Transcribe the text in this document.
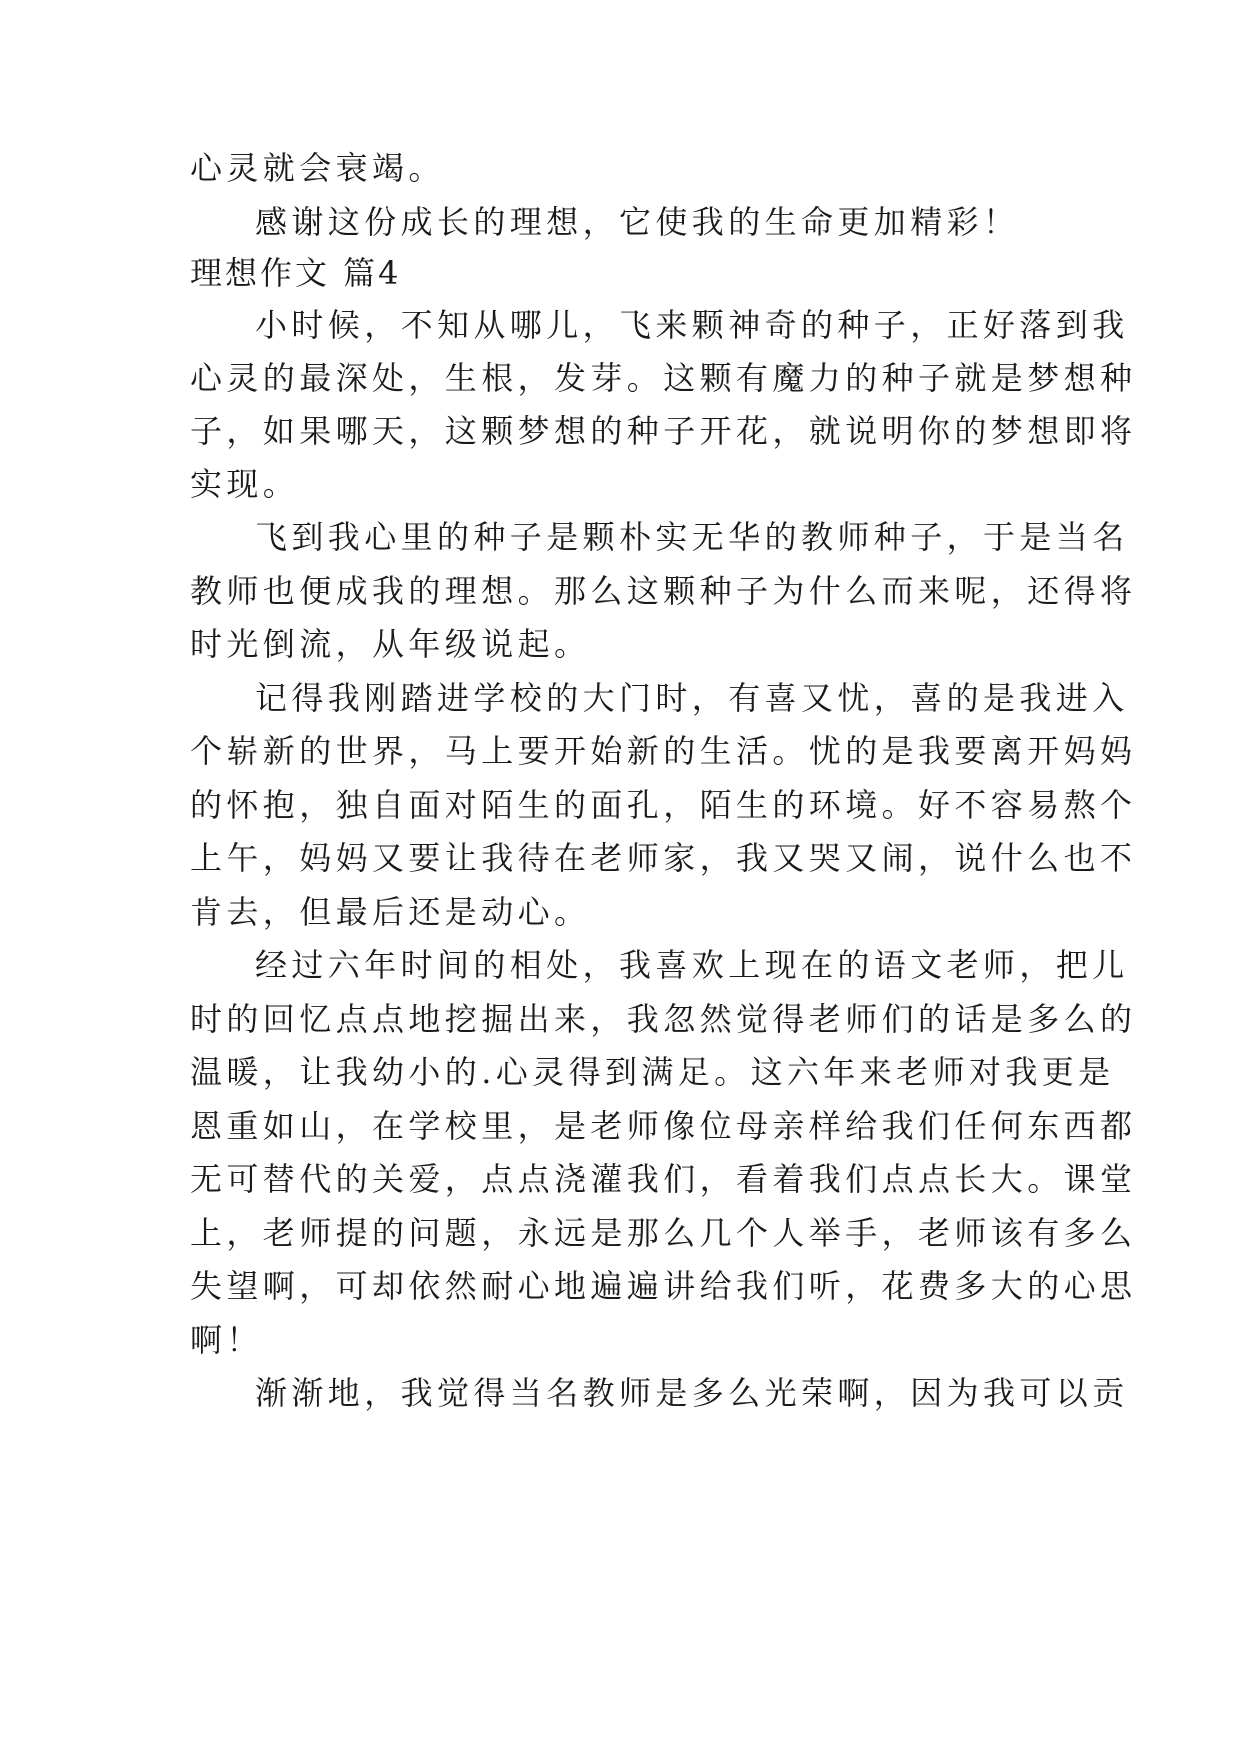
心灵就会衰竭。
感谢这份成长的理想，它使我的生命更加精彩！
理想作文 篇4
小时候，不知从哪儿，飞来颗神奇的种子，正好落到我
心灵的最深处，生根，发芽。这颗有魔力的种子就是梦想种
子，如果哪天，这颗梦想的种子开花，就说明你的梦想即将
实现。
飞到我心里的种子是颗朴实无华的教师种子，于是当名
教师也便成我的理想。那么这颗种子为什么而来呢，还得将
时光倒流，从年级说起。
记得我刚踏进学校的大门时，有喜又忧，喜的是我进入
个崭新的世界，马上要开始新的生活。忧的是我要离开妈妈
的怀抱，独自面对陌生的面孔，陌生的环境。好不容易熬个
上午，妈妈又要让我待在老师家，我又哭又闹，说什么也不
肯去，但最后还是动心。
经过六年时间的相处，我喜欢上现在的语文老师，把儿
时的回忆点点地挖掘出来，我忽然觉得老师们的话是多么的
温暖，让我幼小的.心灵得到满足。这六年来老师对我更是
恩重如山，在学校里，是老师像位母亲样给我们任何东西都
无可替代的关爱，点点浇灌我们，看着我们点点长大。课堂
上，老师提的问题，永远是那么几个人举手，老师该有多么
失望啊，可却依然耐心地遍遍讲给我们听，花费多大的心思
啊！
渐渐地，我觉得当名教师是多么光荣啊，因为我可以贡
